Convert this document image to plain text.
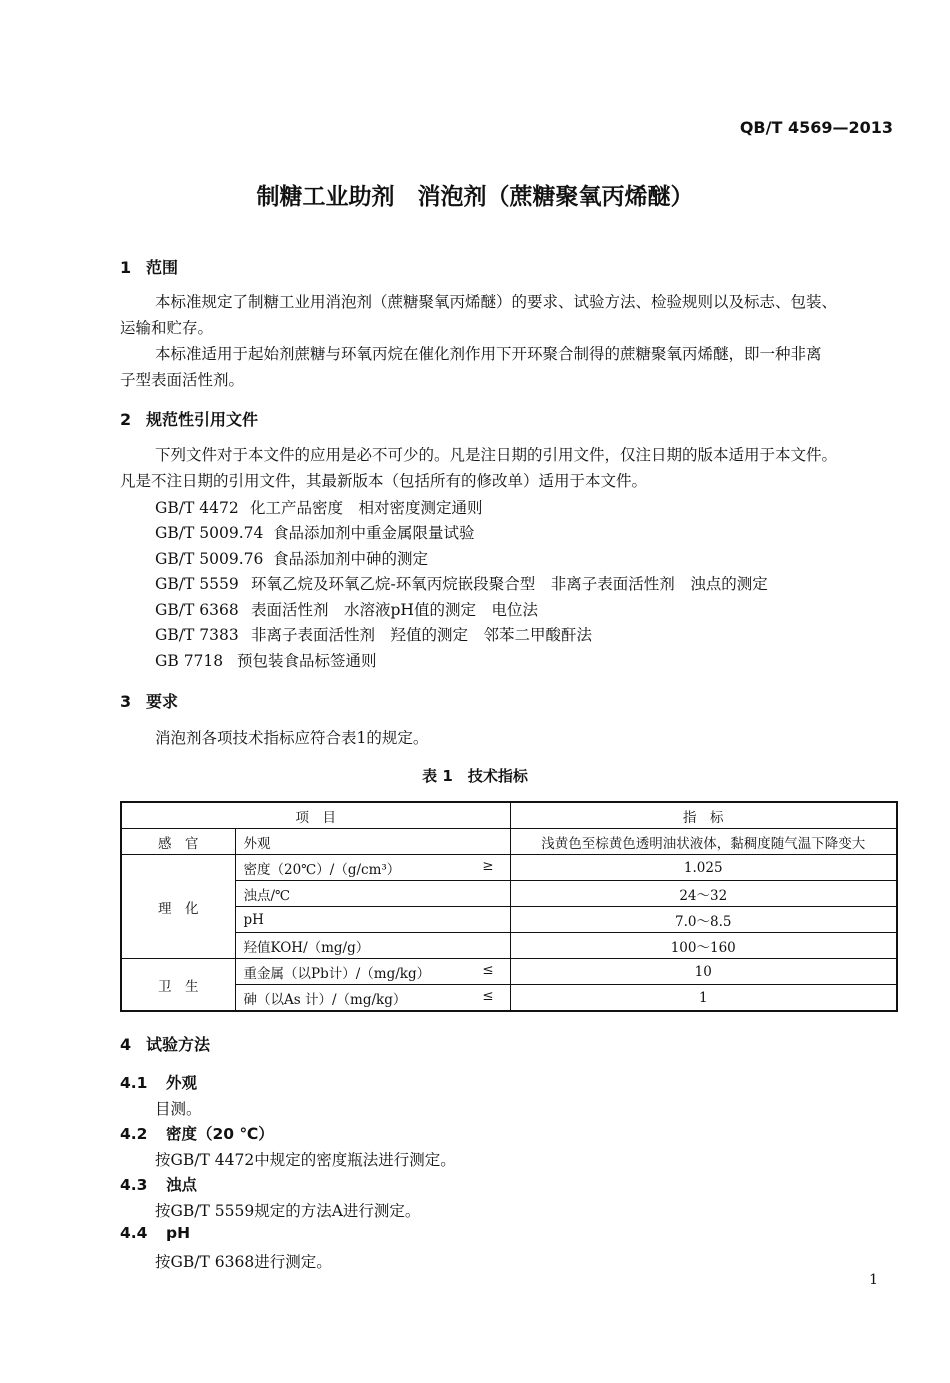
QB/T 4569—2013
制糖工业助剂　消泡剂（蔗糖聚氧丙烯醚）
1 范围
本标准规定了制糖工业用消泡剂（蔗糖聚氧丙烯醚）的要求、试验方法、检验规则以及标志、包装、
运输和贮存。
本标准适用于起始剂蔗糖与环氧丙烷在催化剂作用下开环聚合制得的蔗糖聚氧丙烯醚，即一种非离
子型表面活性剂。
2 规范性引用文件
下列文件对于本文件的应用是必不可少的。凡是注日期的引用文件，仅注日期的版本适用于本文件。
凡是不注日期的引用文件，其最新版本（包括所有的修改单）适用于本文件。
GB/T 4472 化工产品密度　相对密度测定通则
GB/T 5009.74 食品添加剂中重金属限量试验
GB/T 5009.76 食品添加剂中砷的测定
GB/T 5559 环氧乙烷及环氧乙烷-环氧丙烷嵌段聚合型　非离子表面活性剂　浊点的测定
GB/T 6368 表面活性剂　水溶液pH值的测定　电位法
GB/T 7383 非离子表面活性剂　羟值的测定　邻苯二甲酸酐法
GB 7718 预包装食品标签通则
3 要求
消泡剂各项技术指标应符合表1的规定。
表 1　技术指标
项　目		指　标
感　官	外观	浅黄色至棕黄色透明油状液体，黏稠度随气温下降变大
理　化	密度（20℃）/（g/cm³） ≥	1.025

	浊点/℃	24～32

	pH	7.0～8.5

	羟值KOH/（mg/g）	100～160
卫　生	重金属（以Pb计）/（mg/kg） ≤	10

	砷（以As 计）/（mg/kg） ≤	1
4 试验方法
4.1 外观
目测。
4.2 密度（20 ℃）
按GB/T 4472中规定的密度瓶法进行测定。
4.3 浊点
按GB/T 5559规定的方法A进行测定。
4.4 pH
按GB/T 6368进行测定。
1
